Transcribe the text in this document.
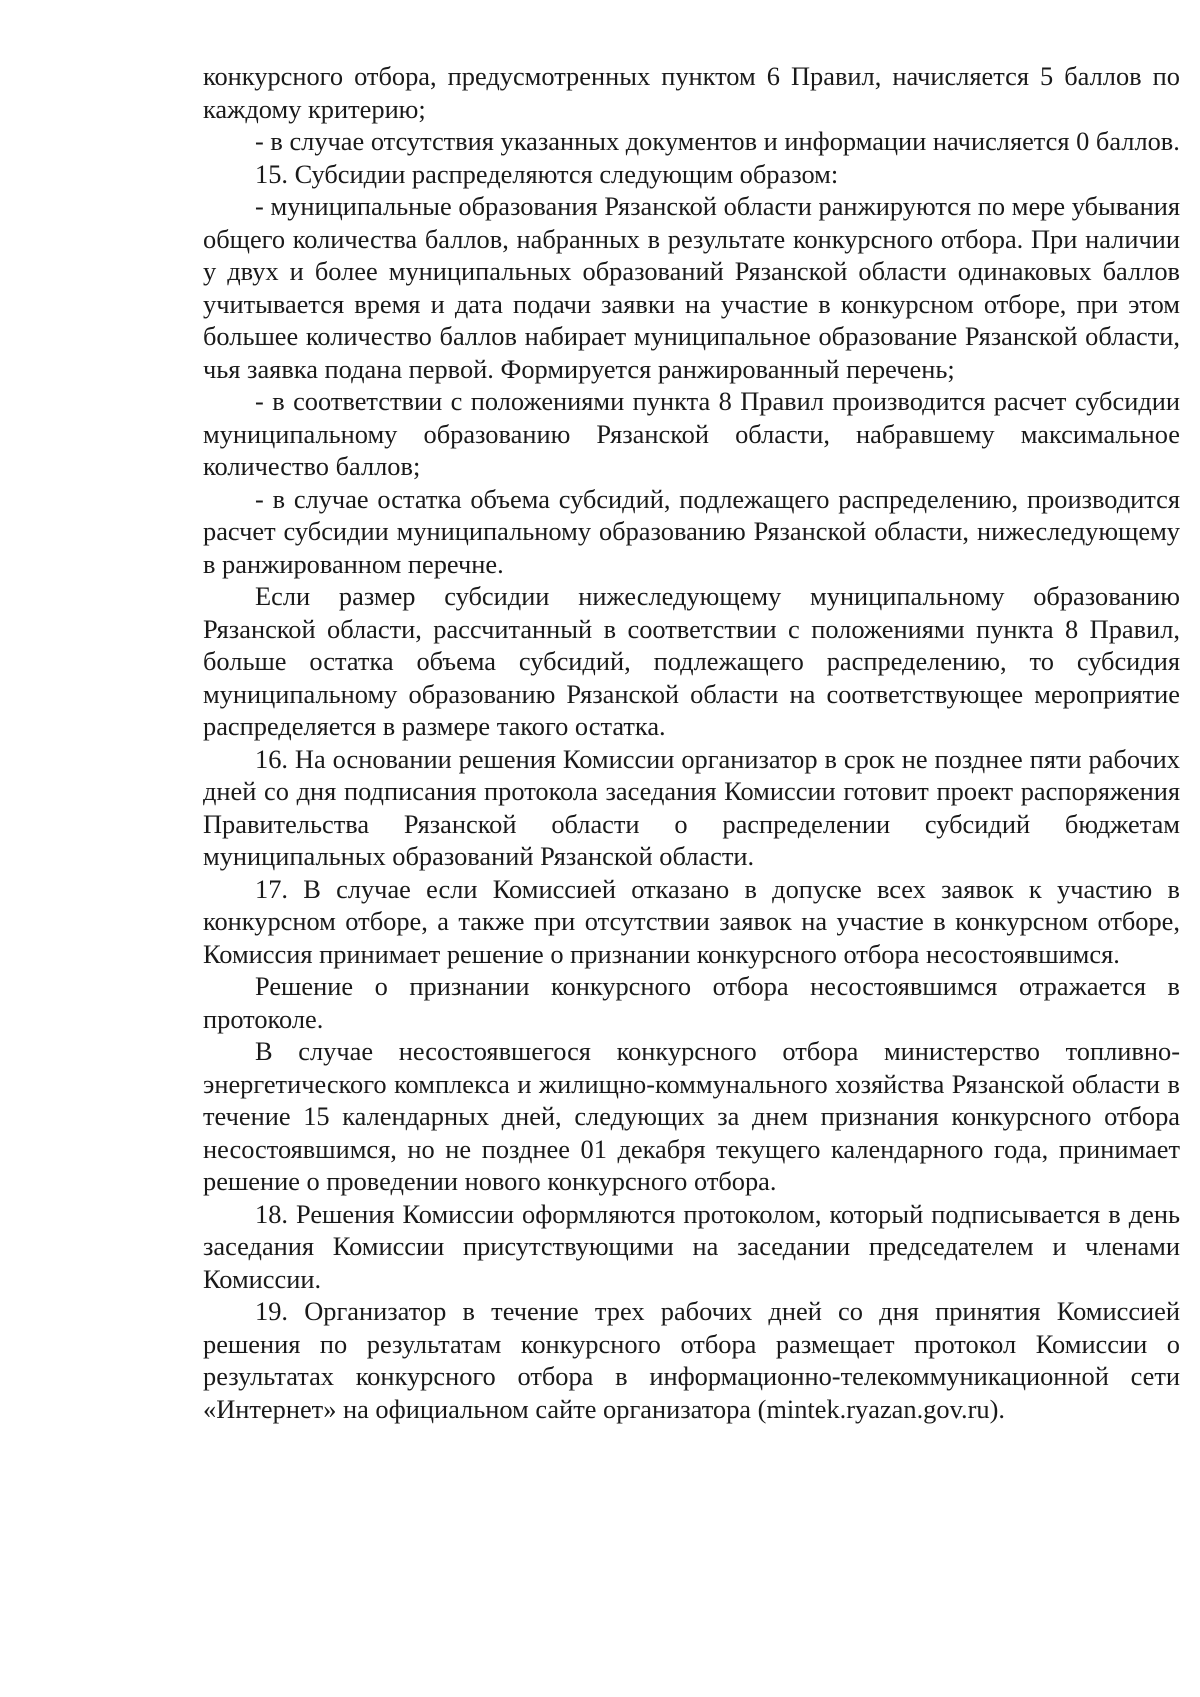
конкурсного отбора, предусмотренных пунктом 6 Правил, начисляется 5 баллов по каждому критерию;

- в случае отсутствия указанных документов и информации начисляется 0 баллов.

15. Субсидии распределяются следующим образом:

- муниципальные образования Рязанской области ранжируются по мере убывания общего количества баллов, набранных в результате конкурсного отбора. При наличии у двух и более муниципальных образований Рязанской области одинаковых баллов учитывается время и дата подачи заявки на участие в конкурсном отборе, при этом большее количество баллов набирает муниципальное образование Рязанской области, чья заявка подана первой. Формируется ранжированный перечень;

- в соответствии с положениями пункта 8 Правил производится расчет субсидии муниципальному образованию Рязанской области, набравшему максимальное количество баллов;

- в случае остатка объема субсидий, подлежащего распределению, производится расчет субсидии муниципальному образованию Рязанской области, нижеследующему в ранжированном перечне.

Если размер субсидии нижеследующему муниципальному образованию Рязанской области, рассчитанный в соответствии с положениями пункта 8 Правил, больше остатка объема субсидий, подлежащего распределению, то субсидия муниципальному образованию Рязанской области на соответствующее мероприятие распределяется в размере такого остатка.

16. На основании решения Комиссии организатор в срок не позднее пяти рабочих дней со дня подписания протокола заседания Комиссии готовит проект распоряжения Правительства Рязанской области о распределении субсидий бюджетам муниципальных образований Рязанской области.

17. В случае если Комиссией отказано в допуске всех заявок к участию в конкурсном отборе, а также при отсутствии заявок на участие в конкурсном отборе, Комиссия принимает решение о признании конкурсного отбора несостоявшимся.

Решение о признании конкурсного отбора несостоявшимся отражается в протоколе.

В случае несостоявшегося конкурсного отбора министерство топливно-энергетического комплекса и жилищно-коммунального хозяйства Рязанской области в течение 15 календарных дней, следующих за днем признания конкурсного отбора несостоявшимся, но не позднее 01 декабря текущего календарного года, принимает решение о проведении нового конкурсного отбора.

18. Решения Комиссии оформляются протоколом, который подписывается в день заседания Комиссии присутствующими на заседании председателем и членами Комиссии.

19. Организатор в течение трех рабочих дней со дня принятия Комиссией решения по результатам конкурсного отбора размещает протокол Комиссии о результатах конкурсного отбора в информационно-телекоммуникационной сети «Интернет» на официальном сайте организатора (mintek.ryazan.gov.ru).
